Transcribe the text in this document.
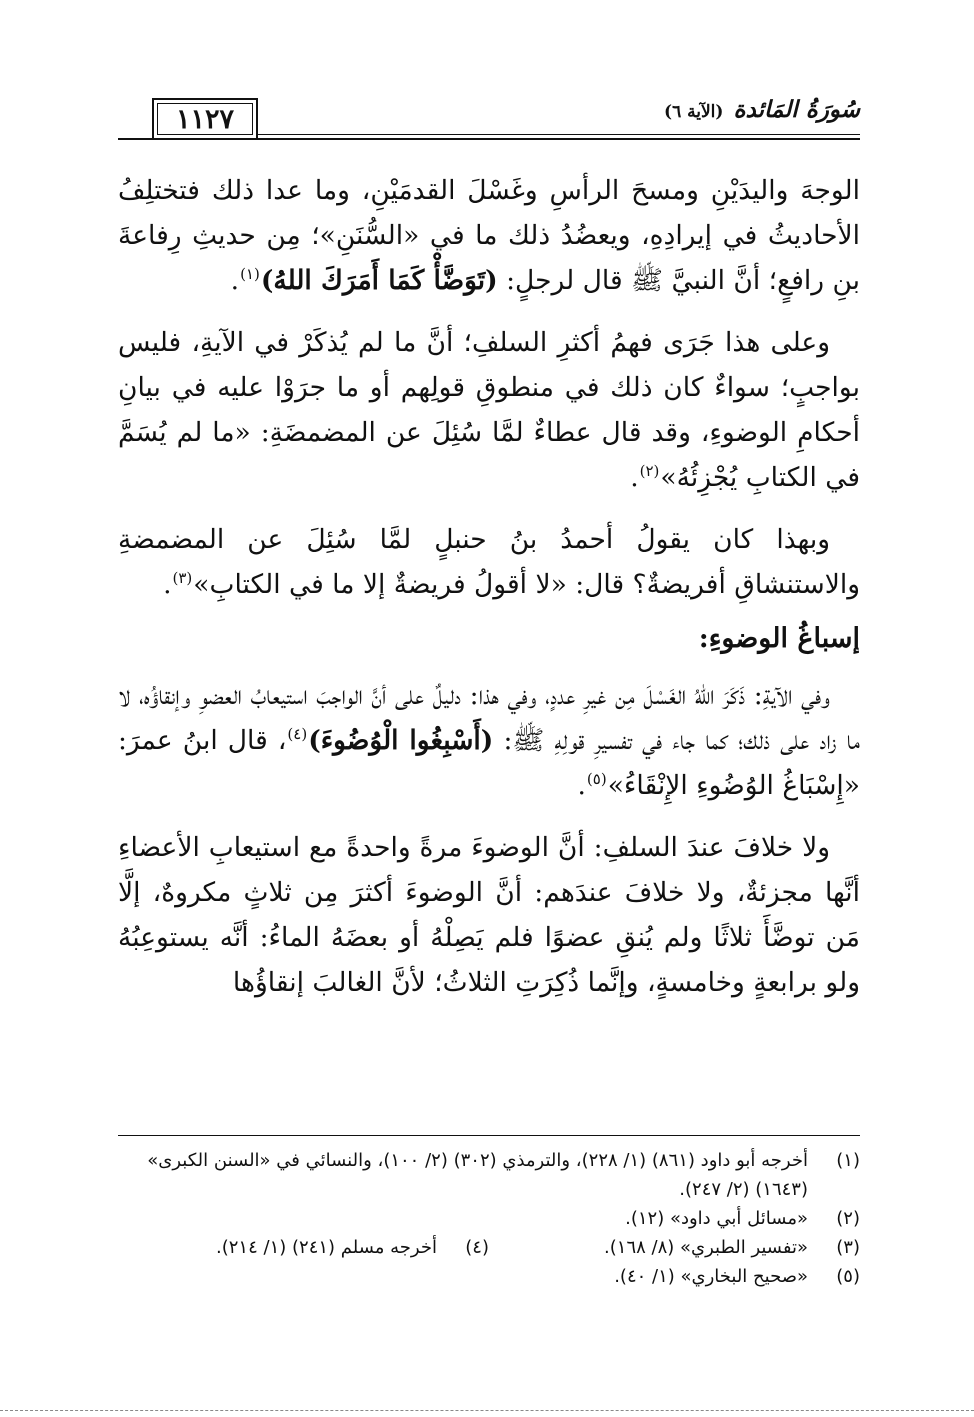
١١٢٧	سُورَةُ المَائدة
(الآية ٦)

الوجهَ واليدَيْنِ ومسحَ الرأسِ وغَسْلَ القدمَيْنِ، وما عدا ذلك فتختلِفُ الأحاديثُ في إيرادِهِ، ويعضُدُ ذلك ما في «السُّنَنِ»؛ مِن حديثِ رِفاعةَ بنِ رافعٍ؛ أنَّ النبيَّ ﷺ قال لرجلٍ: (تَوَضَّأْ كَمَا أَمَرَكَ اللهُ)$^{(١)}$.

وعلى هذا جَرَى فهمُ أكثرِ السلفِ؛ أنَّ ما لم يُذكَرْ في الآيةِ، فليس بواجبٍ؛ سواءٌ كان ذلك في منطوقِ قولِهم أو ما جرَوْا عليه في بيانِ أحكامِ الوضوءِ، وقد قال عطاءٌ لمَّا سُئِلَ عن المضمضَةِ: «ما لم يُسَمَّ في الكتابِ يُجْزِئُهُ»$^{(٢)}$.

وبهذا كان يقولُ أحمدُ بنُ حنبلٍ لمَّا سُئِلَ عن المضمضةِ والاستنشاقِ أفريضةٌ؟ قال: «لا أقولُ فريضةٌ إلا ما في الكتابِ»$^{(٣)}$.

إسباغُ الوضوءِ:

وفي الآيةِ: ذَكَرَ اللهُ الغَسْلَ مِن غيرِ عددٍ، وفي هذا: دليلٌ على أنَّ الواجبَ استيعابُ العضوِ وإنقاؤُه، لا ما زاد على ذلك؛ كما جاء في تفسيرِ قولِهِ ﷺ: (أَسْبِغُوا الْوُضُوءَ)$^{(٤)}$، قال ابنُ عمرَ: «إِسْبَاغُ الوُضُوءِ الإِنْقَاءُ»$^{(٥)}$.

ولا خلافَ عندَ السلفِ: أنَّ الوضوءَ مرةً واحدةً مع استيعابِ الأعضاءِ أنَّها مجزئةٌ، ولا خلافَ عندَهم: أنَّ الوضوءَ أكثرَ مِن ثلاثٍ مكروهٌ، إلَّا مَن توضَّأَ ثلاثًا ولم يُنقِ عضوًا فلم يَصِلْهُ أو بعضَهُ الماءُ: أنَّه يستوعِبُهُ ولو برابعةٍ وخامسةٍ، وإنَّما ذُكِرَتِ الثلاثُ؛ لأنَّ الغالبَ إنقاؤُها

(١)
أخرجه أبو داود (٨٦١) (١/ ٢٢٨)، والترمذي (٣٠٢) (٢/ ١٠٠)، والنسائي في «السنن الكبرى» (١٦٤٣) (٢/ ٢٤٧).
(٢)
«مسائل أبي داود» (١٢).
(٣)
«تفسير الطبري» (٨/ ١٦٨).
(٤)
أخرجه مسلم (٢٤١) (١/ ٢١٤).
(٥)
«صحيح البخاري» (١/ ٤٠).
